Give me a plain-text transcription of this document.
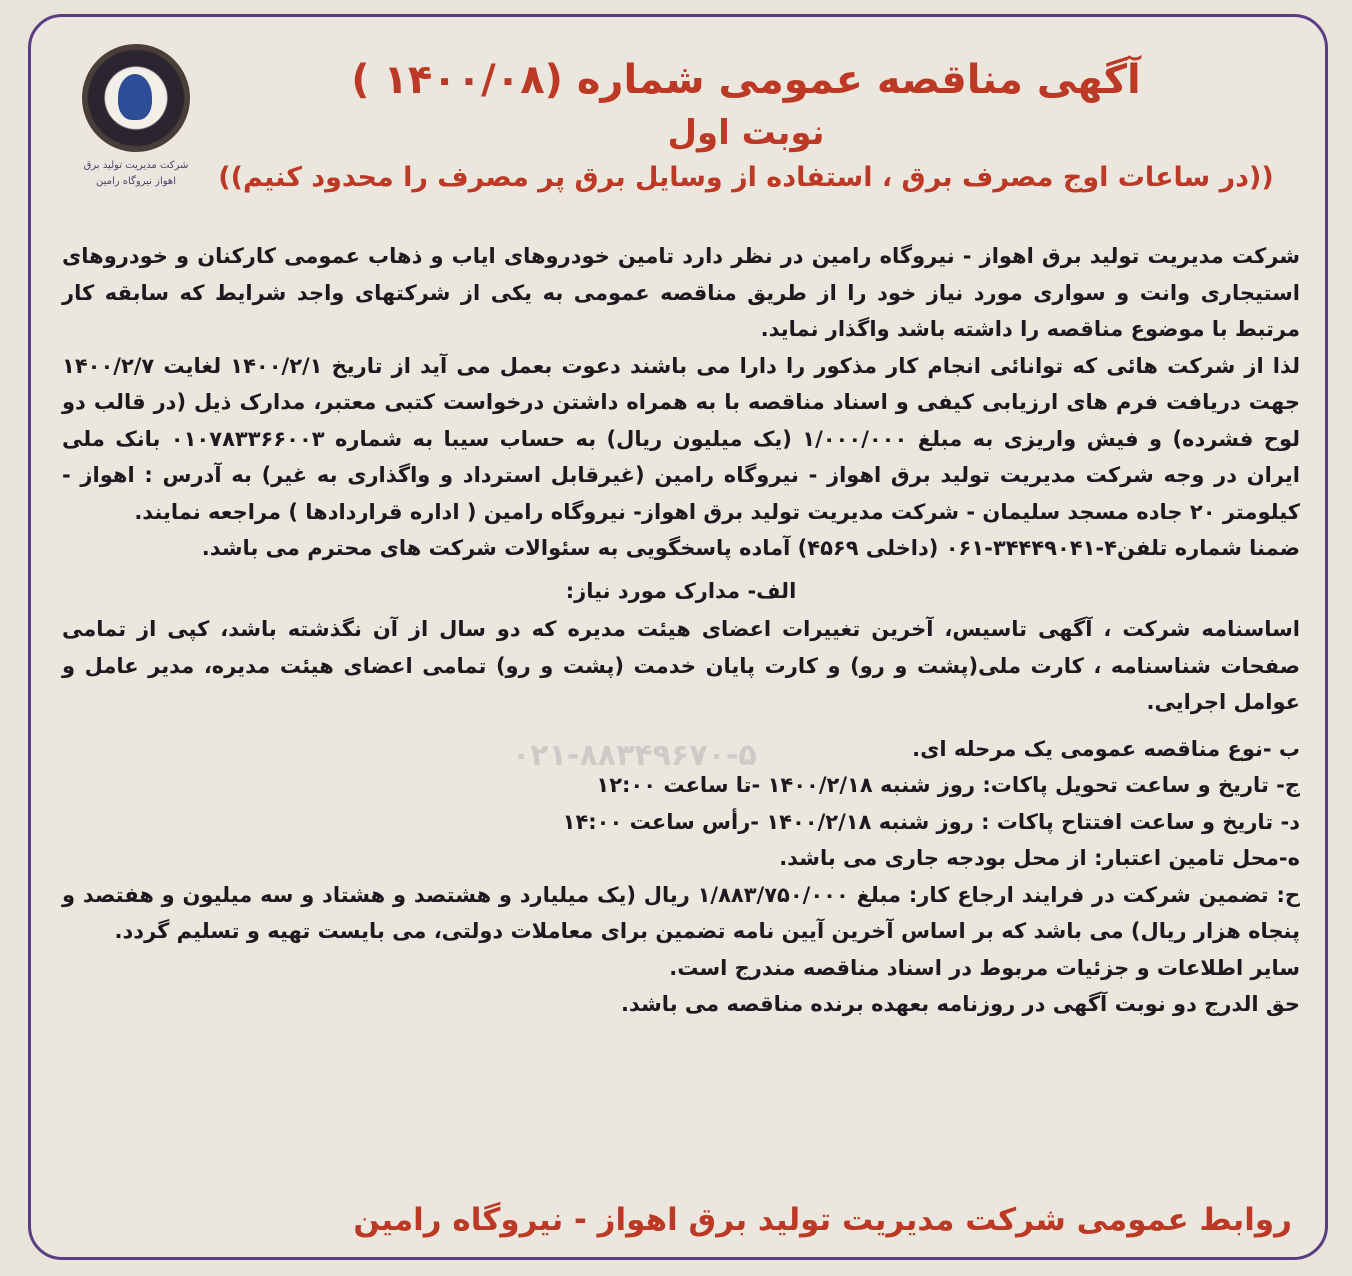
شرکت مدیریت تولید برق اهواز نیروگاه رامین
آگهی مناقصه عمومی شماره (۱۴۰۰/۰۸ )
نوبت اول
((در ساعات اوج مصرف برق ، استفاده از وسایل برق پر مصرف را محدود کنیم))

شرکت مدیریت تولید برق اهواز - نیروگاه رامین در نظر دارد تامین خودروهای ایاب و ذهاب عمومی کارکنان و خودروهای استیجاری وانت و سواری مورد نیاز خود را از طریق مناقصه عمومی به یکی از شرکتهای واجد شرایط که سابقه کار مرتبط با موضوع مناقصه را داشته باشد واگذار نماید.

لذا از شرکت هائی که توانائی انجام کار مذکور را دارا می باشند دعوت بعمل می آید از تاریخ ۱۴۰۰/۲/۱ لغایت ۱۴۰۰/۲/۷ جهت دریافت فرم های ارزیابی کیفی و اسناد مناقصه با به همراه داشتن درخواست کتبی معتبر، مدارک ذیل (در قالب دو لوح فشرده) و فیش واریزی به مبلغ ۱/۰۰۰/۰۰۰ (یک میلیون ریال) به حساب سیبا به شماره ۰۱۰۷۸۳۳۶۶۰۰۳ بانک ملی ایران در وجه شرکت مدیریت تولید برق اهواز - نیروگاه رامین (غیرقابل استرداد و واگذاری به غیر) به آدرس : اهواز - کیلومتر ۲۰ جاده مسجد سلیمان - شرکت مدیریت تولید برق اهواز- نیروگاه رامین ( اداره قراردادها ) مراجعه نمایند.

ضمنا شماره تلفن۴-۳۴۴۴۹۰۴۱-۰۶۱ (داخلی ۴۵۶۹) آماده پاسخگویی به سئوالات شرکت های محترم می باشد.

الف- مدارک مورد نیاز:

اساسنامه شرکت ، آگهی تاسیس، آخرین تغییرات اعضای هیئت مدیره که دو سال از آن نگذشته باشد، کپی از تمامی صفحات شناسنامه ، کارت ملی(پشت و رو) و کارت پایان خدمت (پشت و رو) تمامی اعضای هیئت مدیره، مدیر عامل و عوامل اجرایی.

ب -نوع مناقصه عمومی یک مرحله ای.

ج- تاریخ و ساعت تحویل پاکات: روز شنبه ۱۴۰۰/۲/۱۸ -تا ساعت ۱۲:۰۰

د- تاریخ و ساعت افتتاح پاکات : روز شنبه ۱۴۰۰/۲/۱۸ -رأس ساعت ۱۴:۰۰

ه-محل تامین اعتبار: از محل بودجه جاری می باشد.

ح: تضمین شرکت در فرایند ارجاع کار: مبلغ ۱/۸۸۳/۷۵۰/۰۰۰ ریال (یک میلیارد و هشتصد و هشتاد و سه میلیون و هفتصد و پنجاه هزار ریال) می باشد که بر اساس آخرین آیین نامه تضمین برای معاملات دولتی، می بایست تهیه و تسلیم گردد.

سایر اطلاعات و جزئیات مربوط در اسناد مناقصه مندرج است.

حق الدرج دو نوبت آگهی در روزنامه بعهده برنده مناقصه می باشد.

۰۲۱-۸۸۳۴۹۶۷۰-۵
روابط عمومی شرکت مدیریت تولید برق اهواز - نیروگاه رامین
